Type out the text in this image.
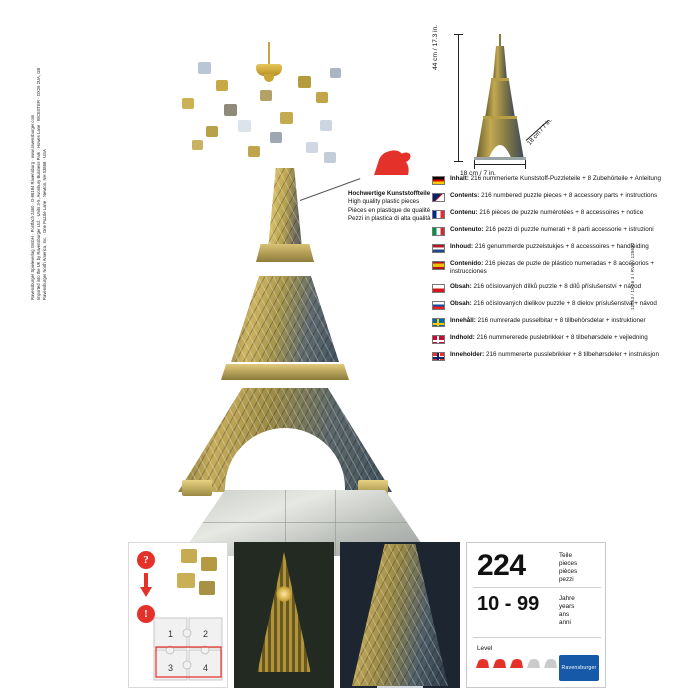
Ravensburger Spieleverlag GmbH · Postfach 2460 · D-88194 Ravensburg · www.ravensburger.com Imported into the UK by Ravensburger Ltd. · Units 3-5, Avonbury Business Park · Howes Lane · BICESTER · OX26 2UA, GB Ravensburger North America, Inc. · One Puzzle Lane · Newton, NH 03858 · USA	12563 / 12 56 3 / RVB / 125633
Hochwertige Kunststoffteile
High quality plastic pieces
Pièces en plastique de qualité
Pezzi in plastica di alta qualità
44 cm / 17.3 in.
18 cm / 7 in.
18 cm / 7 in.
Inhalt: 216 nummerierte Kunststoff-Puzzleteile + 8 Zubehörteile + Anleitung
Contents: 216 numbered puzzle pieces + 8 accessory parts + instructions
Contenu: 216 pièces de puzzle numérotées + 8 accessoires + notice
Contenuto: 216 pezzi di puzzle numerati + 8 parti accessorie + istruzioni
Inhoud: 216 genummerde puzzelstukjes + 8 accessoires + handleiding
Contenido: 216 piezas de puzle de plástico numeradas + 8 accesorios + instrucciones
Obsah: 216 očíslovaných dílků puzzle + 8 dílů příslušenství + návod
Obsah: 216 očíslovaných dielikov puzzle + 8 dielov príslušenstva + návod
Innehåll: 216 numrerade pusselbitar + 8 tillbehörsdelar + instruktioner
Indhold: 216 nummererede puslebrikker + 8 tilbehørsdele + vejledning
Inneholder: 216 nummererte pusslebrikker + 8 tilbehørsdeler + instruksjon
?
!
1	2
3	4
224	Teile
pieces
pièces
pezzi
10 - 99	Jahre
years
ans
anni
Level
Ravensburger
